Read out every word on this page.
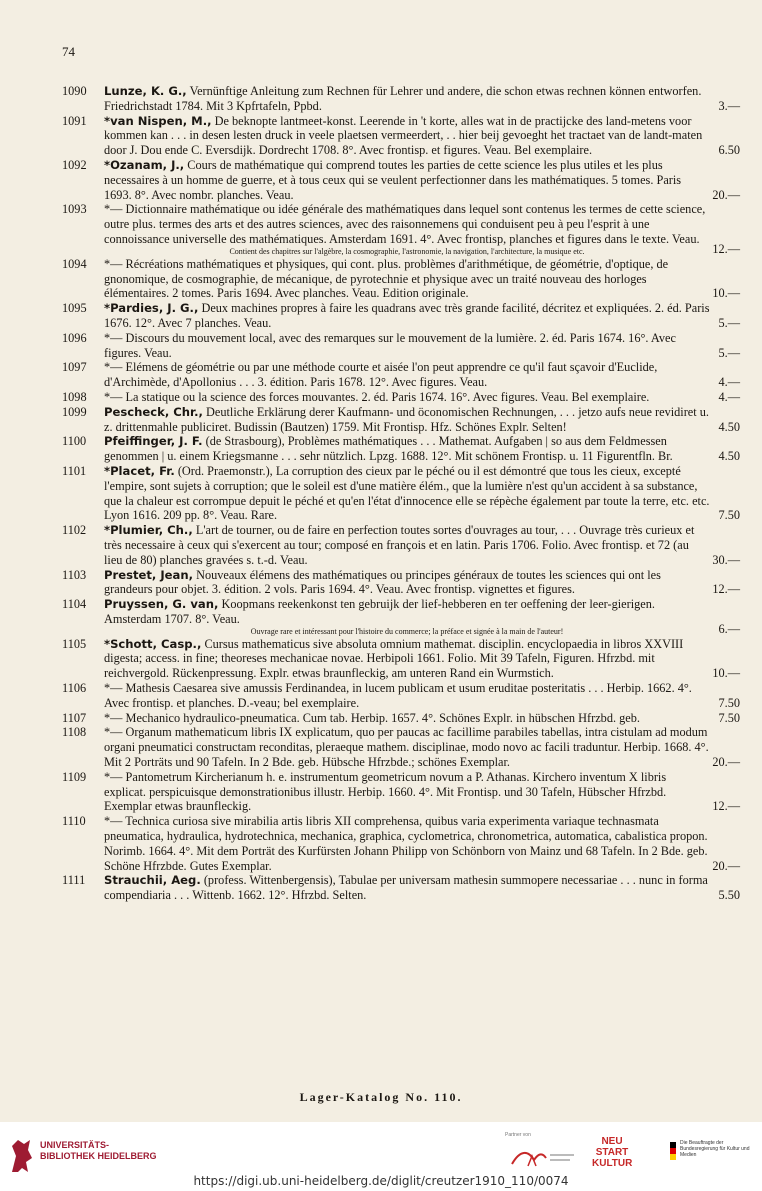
74
1090	Lunze, K. G., Vernünftige Anleitung zum Rechnen für Lehrer und andere, die schon etwas rechnen können entworfen. Friedrichstadt 1784. Mit 3 Kpfrtafeln, Ppbd.	3.—
1091	*van Nispen, M., De beknopte lantmeet-konst. Leerende in 't korte, alles wat in de practijcke des land-metens voor kommen kan . . . in desen lesten druck in veele plaetsen vermeerdert, . . hier beij gevoeght het tractaet van de landt-maten door J. Dou ende C. Eversdijk. Dordrecht 1708. 8°. Avec frontisp. et figures. Veau. Bel exemplaire.	6.50
1092	*Ozanam, J., Cours de mathématique qui comprend toutes les parties de cette science les plus utiles et les plus necessaires à un homme de guerre, et à tous ceux qui se veulent perfectionner dans les mathématiques. 5 tomes. Paris 1693. 8°. Avec nombr. planches. Veau.	20.—
1093	*— Dictionnaire mathématique ou idée générale des mathématiques dans lequel sont contenus les termes de cette science, outre plus. termes des arts et des autres sciences, avec des raisonnemens qui conduisent peu à peu l'esprit à une connoissance universelle des mathématiques. Amsterdam 1691. 4°. Avec frontisp, planches et figures dans le texte. Veau.
Contient des chapitres sur l'algèbre, la cosmographie, l'astronomie, la navigation, l'architecture, la musique etc.	12.—
1094	*— Récréations mathématiques et physiques, qui cont. plus. problèmes d'arithmétique, de géométrie, d'optique, de gnonomique, de cosmographie, de mécanique, de pyrotechnie et physique avec un traité nouveau des horloges élémentaires. 2 tomes. Paris 1694. Avec planches. Veau. Edition originale.	10.—
1095	*Pardies, J. G., Deux machines propres à faire les quadrans avec très grande facilité, décritez et expliquées. 2. éd. Paris 1676. 12°. Avec 7 planches. Veau.	5.—
1096	*— Discours du mouvement local, avec des remarques sur le mouvement de la lumière. 2. éd. Paris 1674. 16°. Avec figures. Veau.	5.—
1097	*— Elémens de géométrie ou par une méthode courte et aisée l'on peut apprendre ce qu'il faut sçavoir d'Euclide, d'Archimède, d'Apollonius . . . 3. édition. Paris 1678. 12°. Avec figures. Veau.	4.—
1098	*— La statique ou la science des forces mouvantes. 2. éd. Paris 1674. 16°. Avec figures. Veau. Bel exemplaire.	4.—
1099	Pescheck, Chr., Deutliche Erklärung derer Kaufmann- und öconomischen Rechnungen, . . . jetzo aufs neue revidiret u. z. drittenmahle publiciret. Budissin (Bautzen) 1759. Mit Frontisp. Hfz. Schönes Explr. Selten!	4.50
1100	Pfeiffinger, J. F. (de Strasbourg), Problèmes mathématiques . . . Mathemat. Aufgaben | so aus dem Feldmessen genommen | u. einem Kriegsmanne . . . sehr nützlich. Lpzg. 1688. 12°. Mit schönem Frontisp. u. 11 Figurentfln. Br.	4.50
1101	*Placet, Fr. (Ord. Praemonstr.), La corruption des cieux par le péché ou il est démontré que tous les cieux, excepté l'empire, sont sujets à corruption; que le soleil est d'une matière élém., que la lumière n'est qu'un accident à sa substance, que la chaleur est corrompue depuit le péché et qu'en l'état d'innocence elle se répèche également par toute la terre, etc. etc. Lyon 1616. 209 pp. 8°. Veau. Rare.	7.50
1102	*Plumier, Ch., L'art de tourner, ou de faire en perfection toutes sortes d'ouvrages au tour, . . . Ouvrage très curieux et très necessaire à ceux qui s'exercent au tour; composé en françois et en latin. Paris 1706. Folio. Avec frontisp. et 72 (au lieu de 80) planches gravées s. t.-d. Veau.	30.—
1103	Prestet, Jean, Nouveaux élémens des mathématiques ou principes généraux de toutes les sciences qui ont les grandeurs pour objet. 3. édition. 2 vols. Paris 1694. 4°. Veau. Avec frontisp. vignettes et figures.	12.—
1104	Pruyssen, G. van, Koopmans reekenkonst ten gebruijk der lief-hebberen en ter oeffening der leer-gierigen. Amsterdam 1707. 8°. Veau.
Ouvrage rare et intéressant pour l'histoire du commerce; la préface et signée à la main de l'auteur!	6.—
1105	*Schott, Casp., Cursus mathematicus sive absoluta omnium mathemat. disciplin. encyclopaedia in libros XXVIII digesta; access. in fine; theoreses mechanicae novae. Herbipoli 1661. Folio. Mit 39 Tafeln, Figuren. Hfrzbd. mit reichvergold. Rückenpressung. Explr. etwas braunfleckig, am unteren Rand ein Wurmstich.	10.—
1106	*— Mathesis Caesarea sive amussis Ferdinandea, in lucem publicam et usum eruditae posteritatis . . . Herbip. 1662. 4°. Avec frontisp. et planches. D.-veau; bel exemplaire.	7.50
1107	*— Mechanico hydraulico-pneumatica. Cum tab. Herbip. 1657. 4°. Schönes Explr. in hübschen Hfrzbd. geb.	7.50
1108	*— Organum mathematicum libris IX explicatum, quo per paucas ac facillime parabiles tabellas, intra cistulam ad modum organi pneumatici constructam reconditas, pleraeque mathem. disciplinae, modo novo ac facili traduntur. Herbip. 1668. 4°. Mit 2 Porträts und 90 Tafeln. In 2 Bde. geb. Hübsche Hfrzbde.; schönes Exemplar.	20.—
1109	*— Pantometrum Kircherianum h. e. instrumentum geometricum novum a P. Athanas. Kirchero inventum X libris explicat. perspicuisque demonstrationibus illustr. Herbip. 1660. 4°. Mit Frontisp. und 30 Tafeln, Hübscher Hfrzbd. Exemplar etwas braunfleckig.	12.—
1110	*— Technica curiosa sive mirabilia artis libris XII comprehensa, quibus varia experimenta variaque technasmata pneumatica, hydraulica, hydrotechnica, mechanica, graphica, cyclometrica, chronometrica, automatica, cabalistica propon. Norimb. 1664. 4°. Mit dem Porträt des Kurfürsten Johann Philipp von Schönborn von Mainz und 68 Tafeln. In 2 Bde. geb. Schöne Hfrzbde. Gutes Exemplar.	20.—
1111	Strauchii, Aeg. (profess. Wittenbergensis), Tabulae per universam mathesin summopere necessariae . . . nunc in forma compendiaria . . . Wittenb. 1662. 12°. Hfrzbd. Selten.	5.50
Lager-Katalog No. 110.
UNIVERSITÄTS- BIBLIOTHEK HEIDELBERG
Partner von
NEU START KULTUR
Die Beauftragte der Bundesregierung für Kultur und Medien
https://digi.ub.uni-heidelberg.de/diglit/creutzer1910_110/0074
